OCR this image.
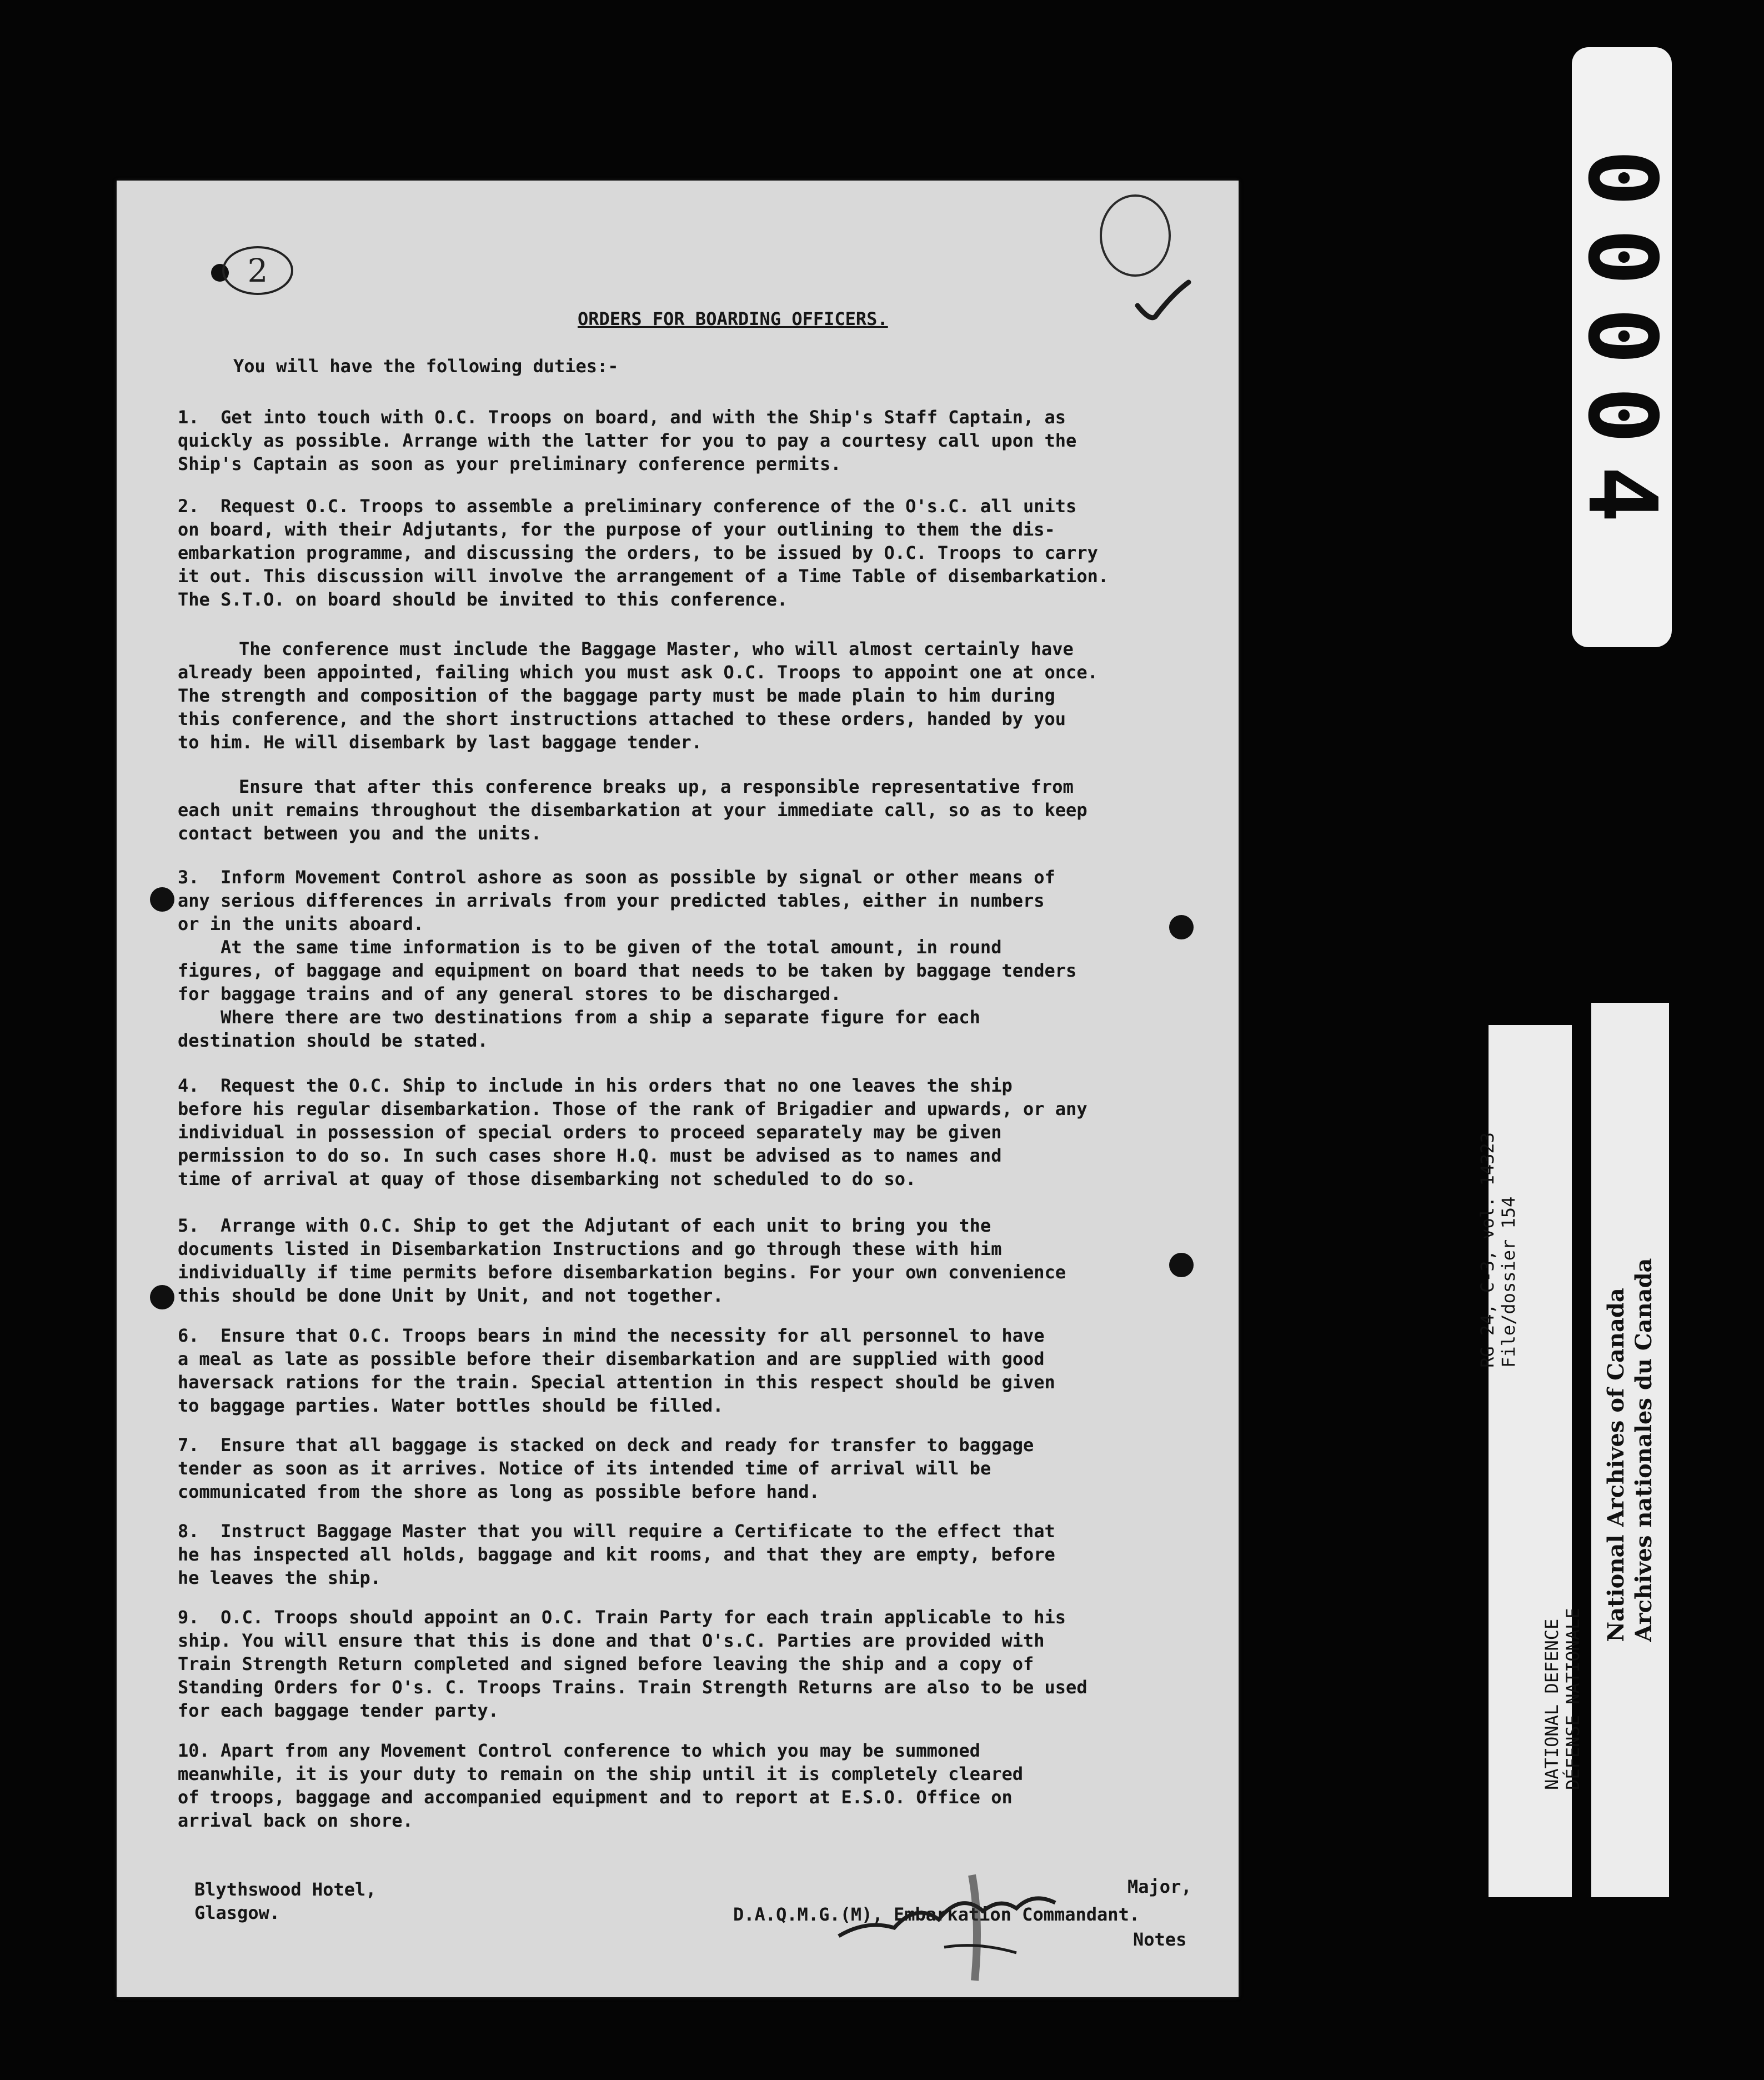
00004
RG 24, C-3, vol. 14323 File/dossier 154
NATIONAL DEFENCE DÉFENSE NATIONALE
National Archives of Canada Archives nationales du Canada
2

ORDERS FOR BOARDING OFFICERS.

You will have the following duties:-

1.  Get into touch with O.C. Troops on board, and with the Ship's Staff Captain, as
quickly as possible. Arrange with the latter for you to pay a courtesy call upon the
Ship's Captain as soon as your preliminary conference permits.

2.  Request O.C. Troops to assemble a preliminary conference of the O's.C. all units
on board, with their Adjutants, for the purpose of your outlining to them the dis-
embarkation programme, and discussing the orders, to be issued by O.C. Troops to carry
it out. This discussion will involve the arrangement of a Time Table of disembarkation.
The S.T.O. on board should be invited to this conference.

The conference must include the Baggage Master, who will almost certainly have
already been appointed, failing which you must ask O.C. Troops to appoint one at once.
The strength and composition of the baggage party must be made plain to him during
this conference, and the short instructions attached to these orders, handed by you
to him. He will disembark by last baggage tender.

Ensure that after this conference breaks up, a responsible representative from
each unit remains throughout the disembarkation at your immediate call, so as to keep
contact between you and the units.

3.  Inform Movement Control ashore as soon as possible by signal or other means of
any serious differences in arrivals from your predicted tables, either in numbers
or in the units aboard.
At the same time information is to be given of the total amount, in round
figures, of baggage and equipment on board that needs to be taken by baggage tenders
for baggage trains and of any general stores to be discharged.
Where there are two destinations from a ship a separate figure for each
destination should be stated.

4.  Request the O.C. Ship to include in his orders that no one leaves the ship
before his regular disembarkation. Those of the rank of Brigadier and upwards, or any
individual in possession of special orders to proceed separately may be given
permission to do so. In such cases shore H.Q. must be advised as to names and
time of arrival at quay of those disembarking not scheduled to do so.

5.  Arrange with O.C. Ship to get the Adjutant of each unit to bring you the
documents listed in Disembarkation Instructions and go through these with him
individually if time permits before disembarkation begins. For your own convenience
this should be done Unit by Unit, and not together.

6.  Ensure that O.C. Troops bears in mind the necessity for all personnel to have
a meal as late as possible before their disembarkation and are supplied with good
haversack rations for the train. Special attention in this respect should be given
to baggage parties. Water bottles should be filled.

7.  Ensure that all baggage is stacked on deck and ready for transfer to baggage
tender as soon as it arrives. Notice of its intended time of arrival will be
communicated from the shore as long as possible before hand.

8.  Instruct Baggage Master that you will require a Certificate to the effect that
he has inspected all holds, baggage and kit rooms, and that they are empty, before
he leaves the ship.

9.  O.C. Troops should appoint an O.C. Train Party for each train applicable to his
ship. You will ensure that this is done and that O's.C. Parties are provided with
Train Strength Return completed and signed before leaving the ship and a copy of
Standing Orders for O's. C. Troops Trains. Train Strength Returns are also to be used
for each baggage tender party.

10. Apart from any Movement Control conference to which you may be summoned
meanwhile, it is your duty to remain on the ship until it is completely cleared
of troops, baggage and accompanied equipment and to report at E.S.O. Office on
arrival back on shore.

Blythswood Hotel,

Glasgow.

Major,

D.A.Q.M.G.(M), Embarkation Commandant.

Notes
